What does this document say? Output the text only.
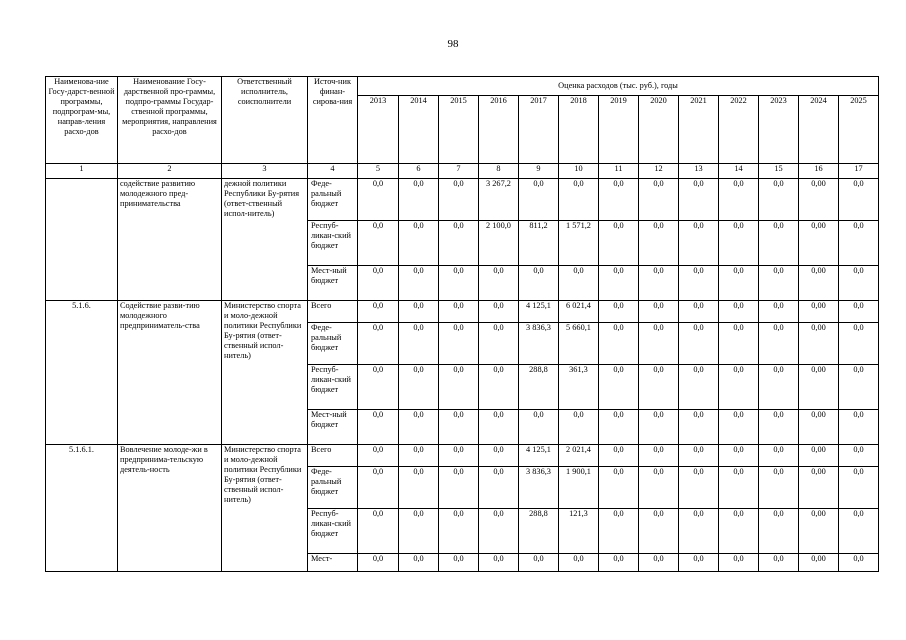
98
Наименова-ние Госу-дарст-венной программы, подпрограм-мы, направ-ления расхо-дов	Наименование Госу-дарственной про-граммы, подпро-граммы Государ-ственной программы, мероприятия, направления расхо-дов	Ответственный исполнитель, соисполнители	Источ-ник финан-сирова-ния	Оценка расходов (тыс. руб.), годы												
				2013	2014	2015	2016	2017	2018	2019	2020	2021	2022	2023	2024	2025
1	2	3	4	5	6	7	8	9	10	11	12	13	14	15	16	17
	содействие развитию молодежного пред-принимательства	дежной политики Республики Бу-рятия (ответ-ственный испол-нитель)	Феде-ральный бюджет	0,0	0,0	0,0	3 267,2	0,0	0,0	0,0	0,0	0,0	0,0	0,0	0,00	0,0
			Респуб-ликан-ский бюджет	0,0	0,0	0,0	2 100,0	811,2	1 571,2	0,0	0,0	0,0	0,0	0,0	0,00	0,0
			Мест-ный бюджет	0,0	0,0	0,0	0,0	0,0	0,0	0,0	0,0	0,0	0,0	0,0	0,00	0,0
5.1.6.	Содействие разви-тию молодежного предприниматель-ства	Министерство спорта и моло-дежной политики Республики Бу-рятия (ответ-ственный испол-нитель)	Всего	0,0	0,0	0,0	0,0	4 125,1	6 021,4	0,0	0,0	0,0	0,0	0,0	0,00	0,0
			Феде-ральный бюджет	0,0	0,0	0,0	0,0	3 836,3	5 660,1	0,0	0,0	0,0	0,0	0,0	0,00	0,0
			Респуб-ликан-ский бюджет	0,0	0,0	0,0	0,0	288,8	361,3	0,0	0,0	0,0	0,0	0,0	0,00	0,0
			Мест-ный бюджет	0,0	0,0	0,0	0,0	0,0	0,0	0,0	0,0	0,0	0,0	0,0	0,00	0,0
5.1.6.1.	Вовлечение молоде-жи в предпринима-тельскую деятель-ность	Министерство спорта и моло-дежной политики Республики Бу-рятия (ответ-ственный испол-нитель)	Всего	0,0	0,0	0,0	0,0	4 125,1	2 021,4	0,0	0,0	0,0	0,0	0,0	0,00	0,0
			Феде-ральный бюджет	0,0	0,0	0,0	0,0	3 836,3	1 900,1	0,0	0,0	0,0	0,0	0,0	0,00	0,0
			Респуб-ликан-ский бюджет	0,0	0,0	0,0	0,0	288,8	121,3	0,0	0,0	0,0	0,0	0,0	0,00	0,0
			Мест-	0,0	0,0	0,0	0,0	0,0	0,0	0,0	0,0	0,0	0,0	0,0	0,00	0,0
